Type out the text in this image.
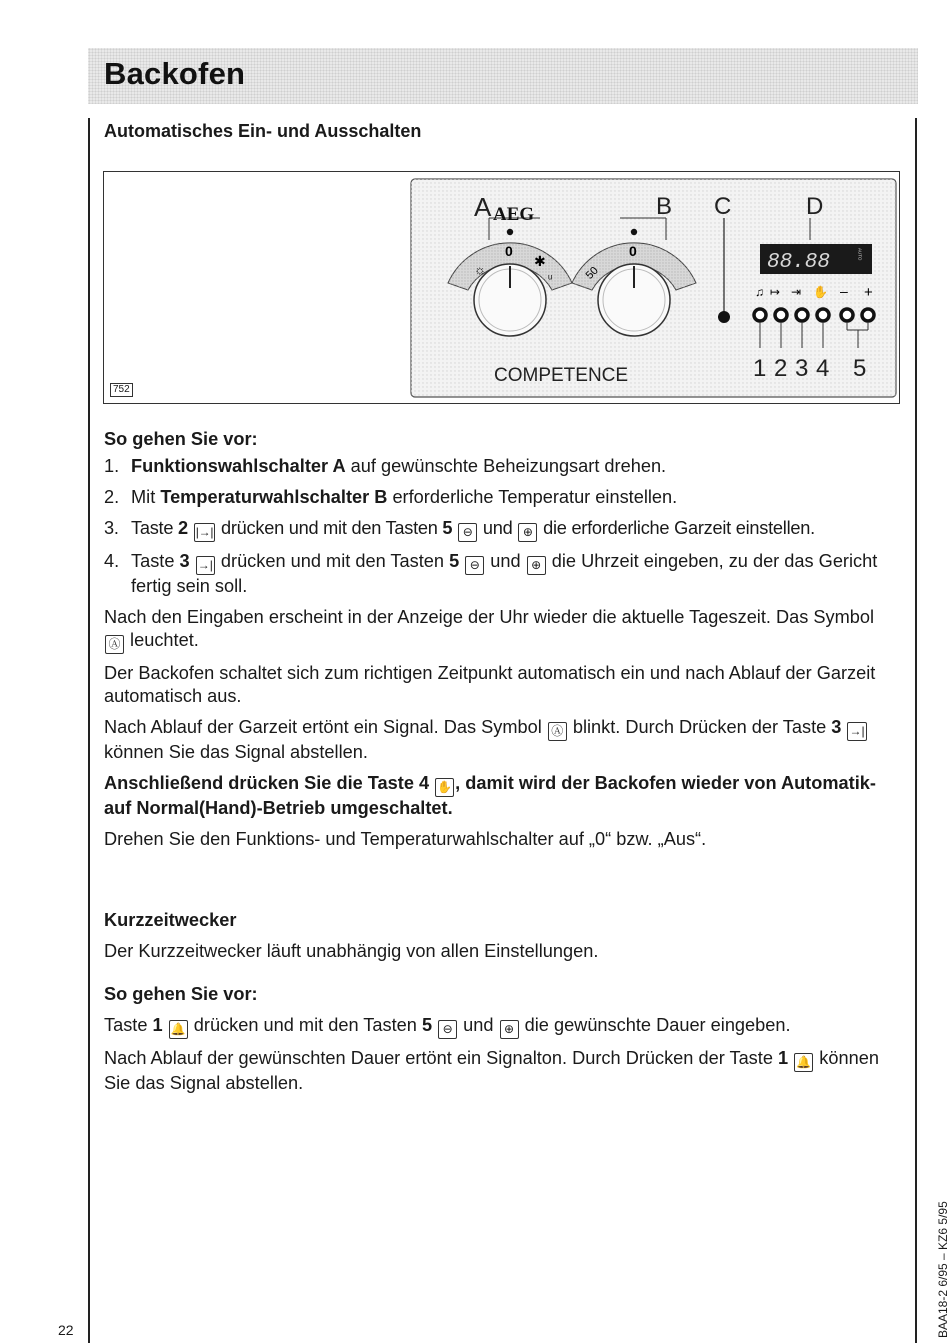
Backofen
Automatisches Ein- und Ausschalten
752
A AEG	B C	D
0
☼
✱
ᵘ
0
50	88.88	AUTO
♫ ↦ ⇥ ✋ – +
1 2 3 4 5
COMPETENCE
So gehen Sie vor:
1. Funktionswahlschalter A auf gewünschte Beheizungsart drehen.
2. Mit Temperaturwahlschalter B erforderliche Temperatur einstellen.
3. Taste 2 |→| drücken und mit den Tasten 5 ⊖ und ⊕ die erforderliche Garzeit einstellen.
4. Taste 3 →| drücken und mit den Tasten 5 ⊖ und ⊕ die Uhrzeit eingeben, zu der das Gericht fertig sein soll.

Nach den Eingaben erscheint in der Anzeige der Uhr wieder die aktuelle Tageszeit. Das Symbol Ⓐ leuchtet.

Der Backofen schaltet sich zum richtigen Zeitpunkt automatisch ein und nach Ablauf der Garzeit automatisch aus.

Nach Ablauf der Garzeit ertönt ein Signal. Das Symbol Ⓐ blinkt. Durch Drücken der Taste 3 →| können Sie das Signal abstellen.

Anschließend drücken Sie die Taste 4 ✋ , damit wird der Backofen wieder von Automatik- auf Normal(Hand)-Betrieb umgeschaltet.

Drehen Sie den Funktions- und Temperaturwahlschalter auf „0“ bzw. „Aus“.

Kurzzeitwecker

Der Kurzzeitwecker läuft unabhängig von allen Einstellungen.

So gehen Sie vor:

Taste 1 🔔 drücken und mit den Tasten 5 ⊖ und ⊕ die gewünschte Dauer eingeben.

Nach Ablauf der gewünschten Dauer ertönt ein Signalton. Durch Drücken der Taste 1 🔔 können Sie das Signal abstellen.

22	BAA18-2 6/95 – KZ6 5/95
